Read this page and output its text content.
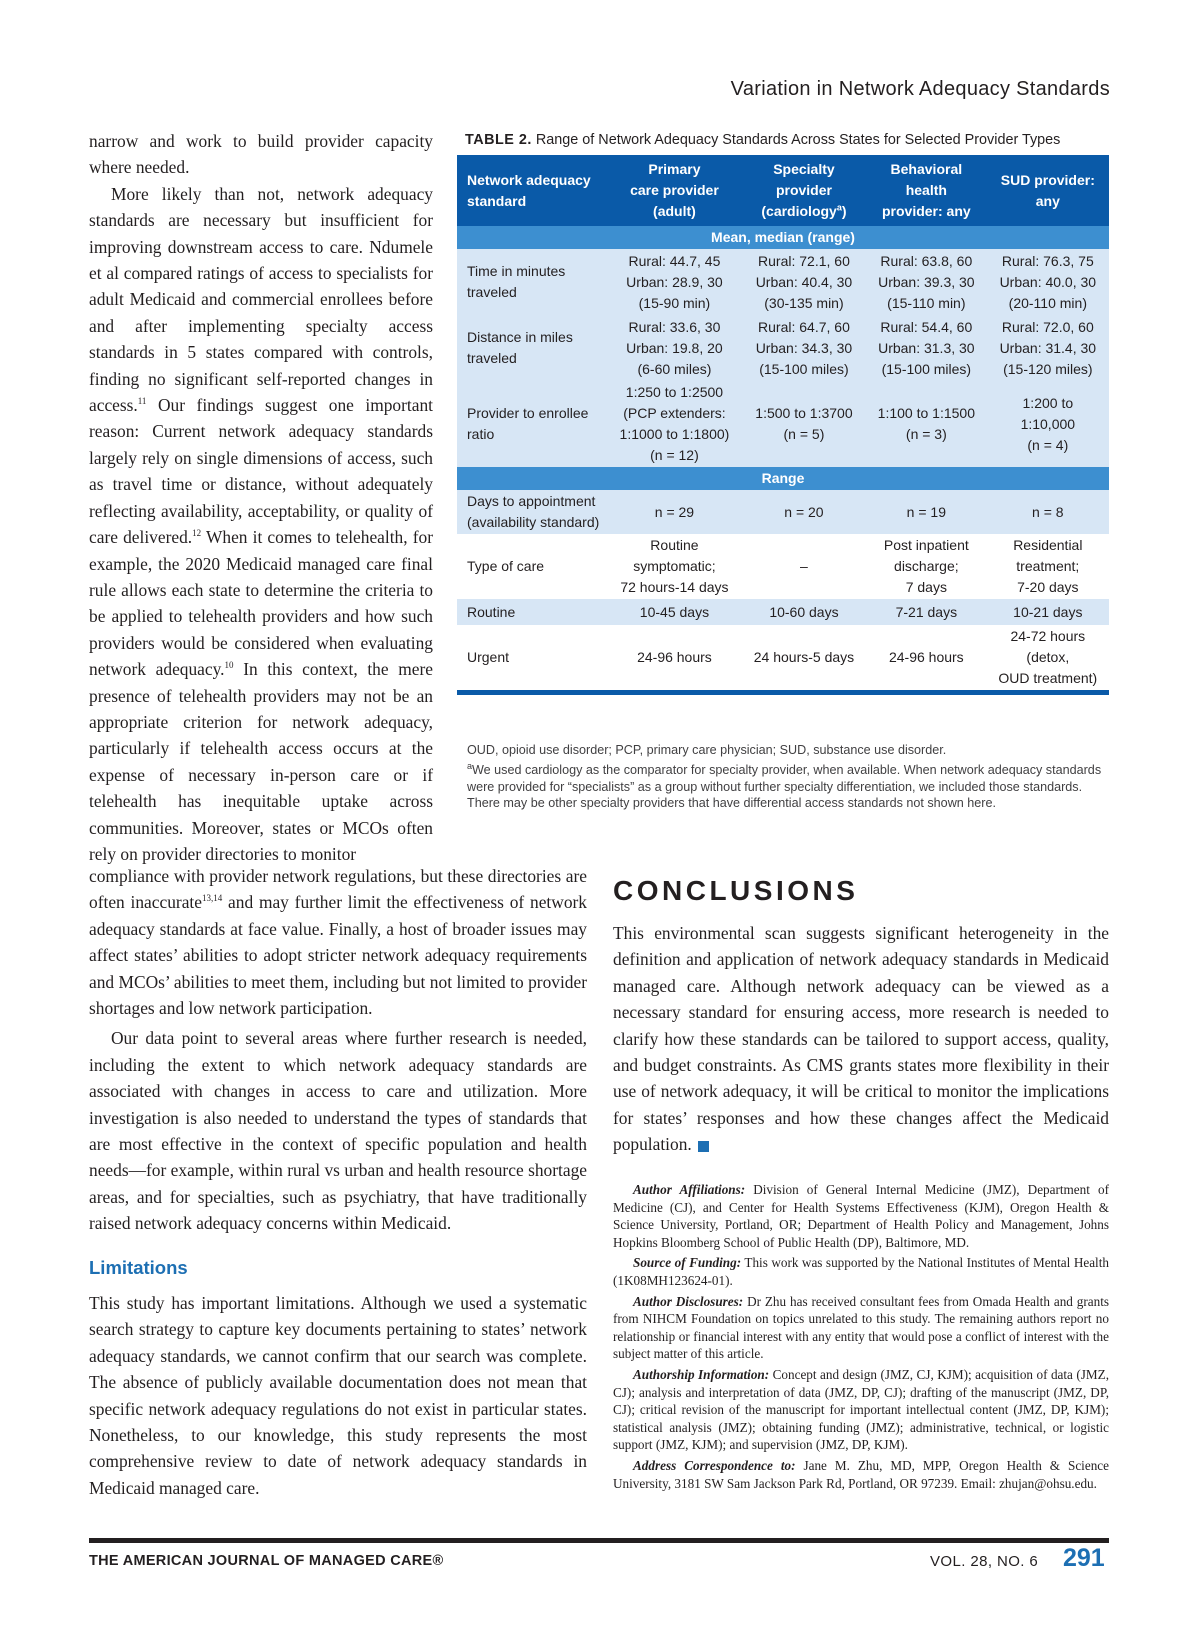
Variation in Network Adequacy Standards

narrow and work to build provider capacity where needed.

More likely than not, network adequacy standards are necessary but insufficient for improving downstream access to care. Ndumele et al compared ratings of access to specialists for adult Medicaid and commercial enrollees before and after implementing specialty access standards in 5 states compared with controls, finding no significant self-reported changes in access.$^{11}$ Our findings suggest one important reason: Current network adequacy standards largely rely on single dimensions of access, such as travel time or distance, without adequately reflecting availability, acceptability, or quality of care delivered.$^{12}$ When it comes to telehealth, for example, the 2020 Medicaid managed care final rule allows each state to determine the criteria to be applied to telehealth providers and how such providers would be considered when evaluating network adequacy.$^{10}$ In this context, the mere presence of telehealth providers may not be an appropriate criterion for network adequacy, particularly if telehealth access occurs at the expense of necessary in-person care or if telehealth has inequitable uptake across communities. Moreover, states or MCOs often rely on provider directories to monitor

compliance with provider network regulations, but these directories are often inaccurate$^{13,14}$ and may further limit the effectiveness of network adequacy standards at face value. Finally, a host of broader issues may affect states’ abilities to adopt stricter network adequacy requirements and MCOs’ abilities to meet them, including but not limited to provider shortages and low network participation.

Our data point to several areas where further research is needed, including the extent to which network adequacy standards are associated with changes in access to care and utilization. More investigation is also needed to understand the types of standards that are most effective in the context of specific population and health needs—for example, within rural vs urban and health resource shortage areas, and for specialties, such as psychiatry, that have traditionally raised network adequacy concerns within Medicaid.

Limitations

This study has important limitations. Although we used a systematic search strategy to capture key documents pertaining to states’ network adequacy standards, we cannot confirm that our search was complete. The absence of publicly available documentation does not mean that specific network adequacy regulations do not exist in particular states. Nonetheless, to our knowledge, this study represents the most comprehensive review to date of network adequacy standards in Medicaid managed care.

TABLE 2. Range of Network Adequacy Standards Across States for Selected Provider Types
Network adequacy
standard	Primary
care provider
(adult)	Specialty
provider
(cardiology$^a$)	Behavioral
health
provider: any	SUD provider:
any
Mean, median (range)				
Time in minutes
traveled	Rural: 44.7, 45
Urban: 28.9, 30
(15-90 min)	Rural: 72.1, 60
Urban: 40.4, 30
(30-135 min)	Rural: 63.8, 60
Urban: 39.3, 30
(15-110 min)	Rural: 76.3, 75
Urban: 40.0, 30
(20-110 min)
Distance in miles
traveled	Rural: 33.6, 30
Urban: 19.8, 20
(6-60 miles)	Rural: 64.7, 60
Urban: 34.3, 30
(15-100 miles)	Rural: 54.4, 60
Urban: 31.3, 30
(15-100 miles)	Rural: 72.0, 60
Urban: 31.4, 30
(15-120 miles)
Provider to enrollee
ratio	1:250 to 1:2500
(PCP extenders:
1:1000 to 1:1800)
(n = 12)	1:500 to 1:3700
(n = 5)	1:100 to 1:1500
(n = 3)	1:200 to
1:10,000
(n = 4)
Range				
Days to appointment
(availability standard)	n = 29	n = 20	n = 19	n = 8
Type of care	Routine
symptomatic;
72 hours-14 days	–	Post inpatient
discharge;
7 days	Residential
treatment;
7-20 days
Routine	10-45 days	10-60 days	7-21 days	10-21 days
Urgent	24-96 hours	24 hours-5 days	24-96 hours	24-72 hours
(detox,
OUD treatment)

OUD, opioid use disorder; PCP, primary care physician; SUD, substance use disorder.

$^a$We used cardiology as the comparator for specialty provider, when available. When network adequacy standards were provided for “specialists” as a group without further specialty differentiation, we included those standards. There may be other specialty providers that have differential access standards not shown here.

CONCLUSIONS

This environmental scan suggests significant heterogeneity in the definition and application of network adequacy standards in Medicaid managed care. Although network adequacy can be viewed as a necessary standard for ensuring access, more research is needed to clarify how these standards can be tailored to support access, quality, and budget constraints. As CMS grants states more flexibility in their use of network adequacy, it will be critical to monitor the implications for states’ responses and how these changes affect the Medicaid population.

Author Affiliations: Division of General Internal Medicine (JMZ), Department of Medicine (CJ), and Center for Health Systems Effectiveness (KJM), Oregon Health & Science University, Portland, OR; Department of Health Policy and Management, Johns Hopkins Bloomberg School of Public Health (DP), Baltimore, MD.

Source of Funding: This work was supported by the National Institutes of Mental Health (1K08MH123624-01).

Author Disclosures: Dr Zhu has received consultant fees from Omada Health and grants from NIHCM Foundation on topics unrelated to this study. The remaining authors report no relationship or financial interest with any entity that would pose a conflict of interest with the subject matter of this article.

Authorship Information: Concept and design (JMZ, CJ, KJM); acquisition of data (JMZ, CJ); analysis and interpretation of data (JMZ, DP, CJ); drafting of the manuscript (JMZ, DP, CJ); critical revision of the manuscript for important intellectual content (JMZ, DP, KJM); statistical analysis (JMZ); obtaining funding (JMZ); administrative, technical, or logistic support (JMZ, KJM); and supervision (JMZ, DP, KJM).

Address Correspondence to: Jane M. Zhu, MD, MPP, Oregon Health & Science University, 3181 SW Sam Jackson Park Rd, Portland, OR 97239. Email: zhujan@ohsu.edu.

THE AMERICAN JOURNAL OF MANAGED CARE®	VOL. 28, NO. 6 291
